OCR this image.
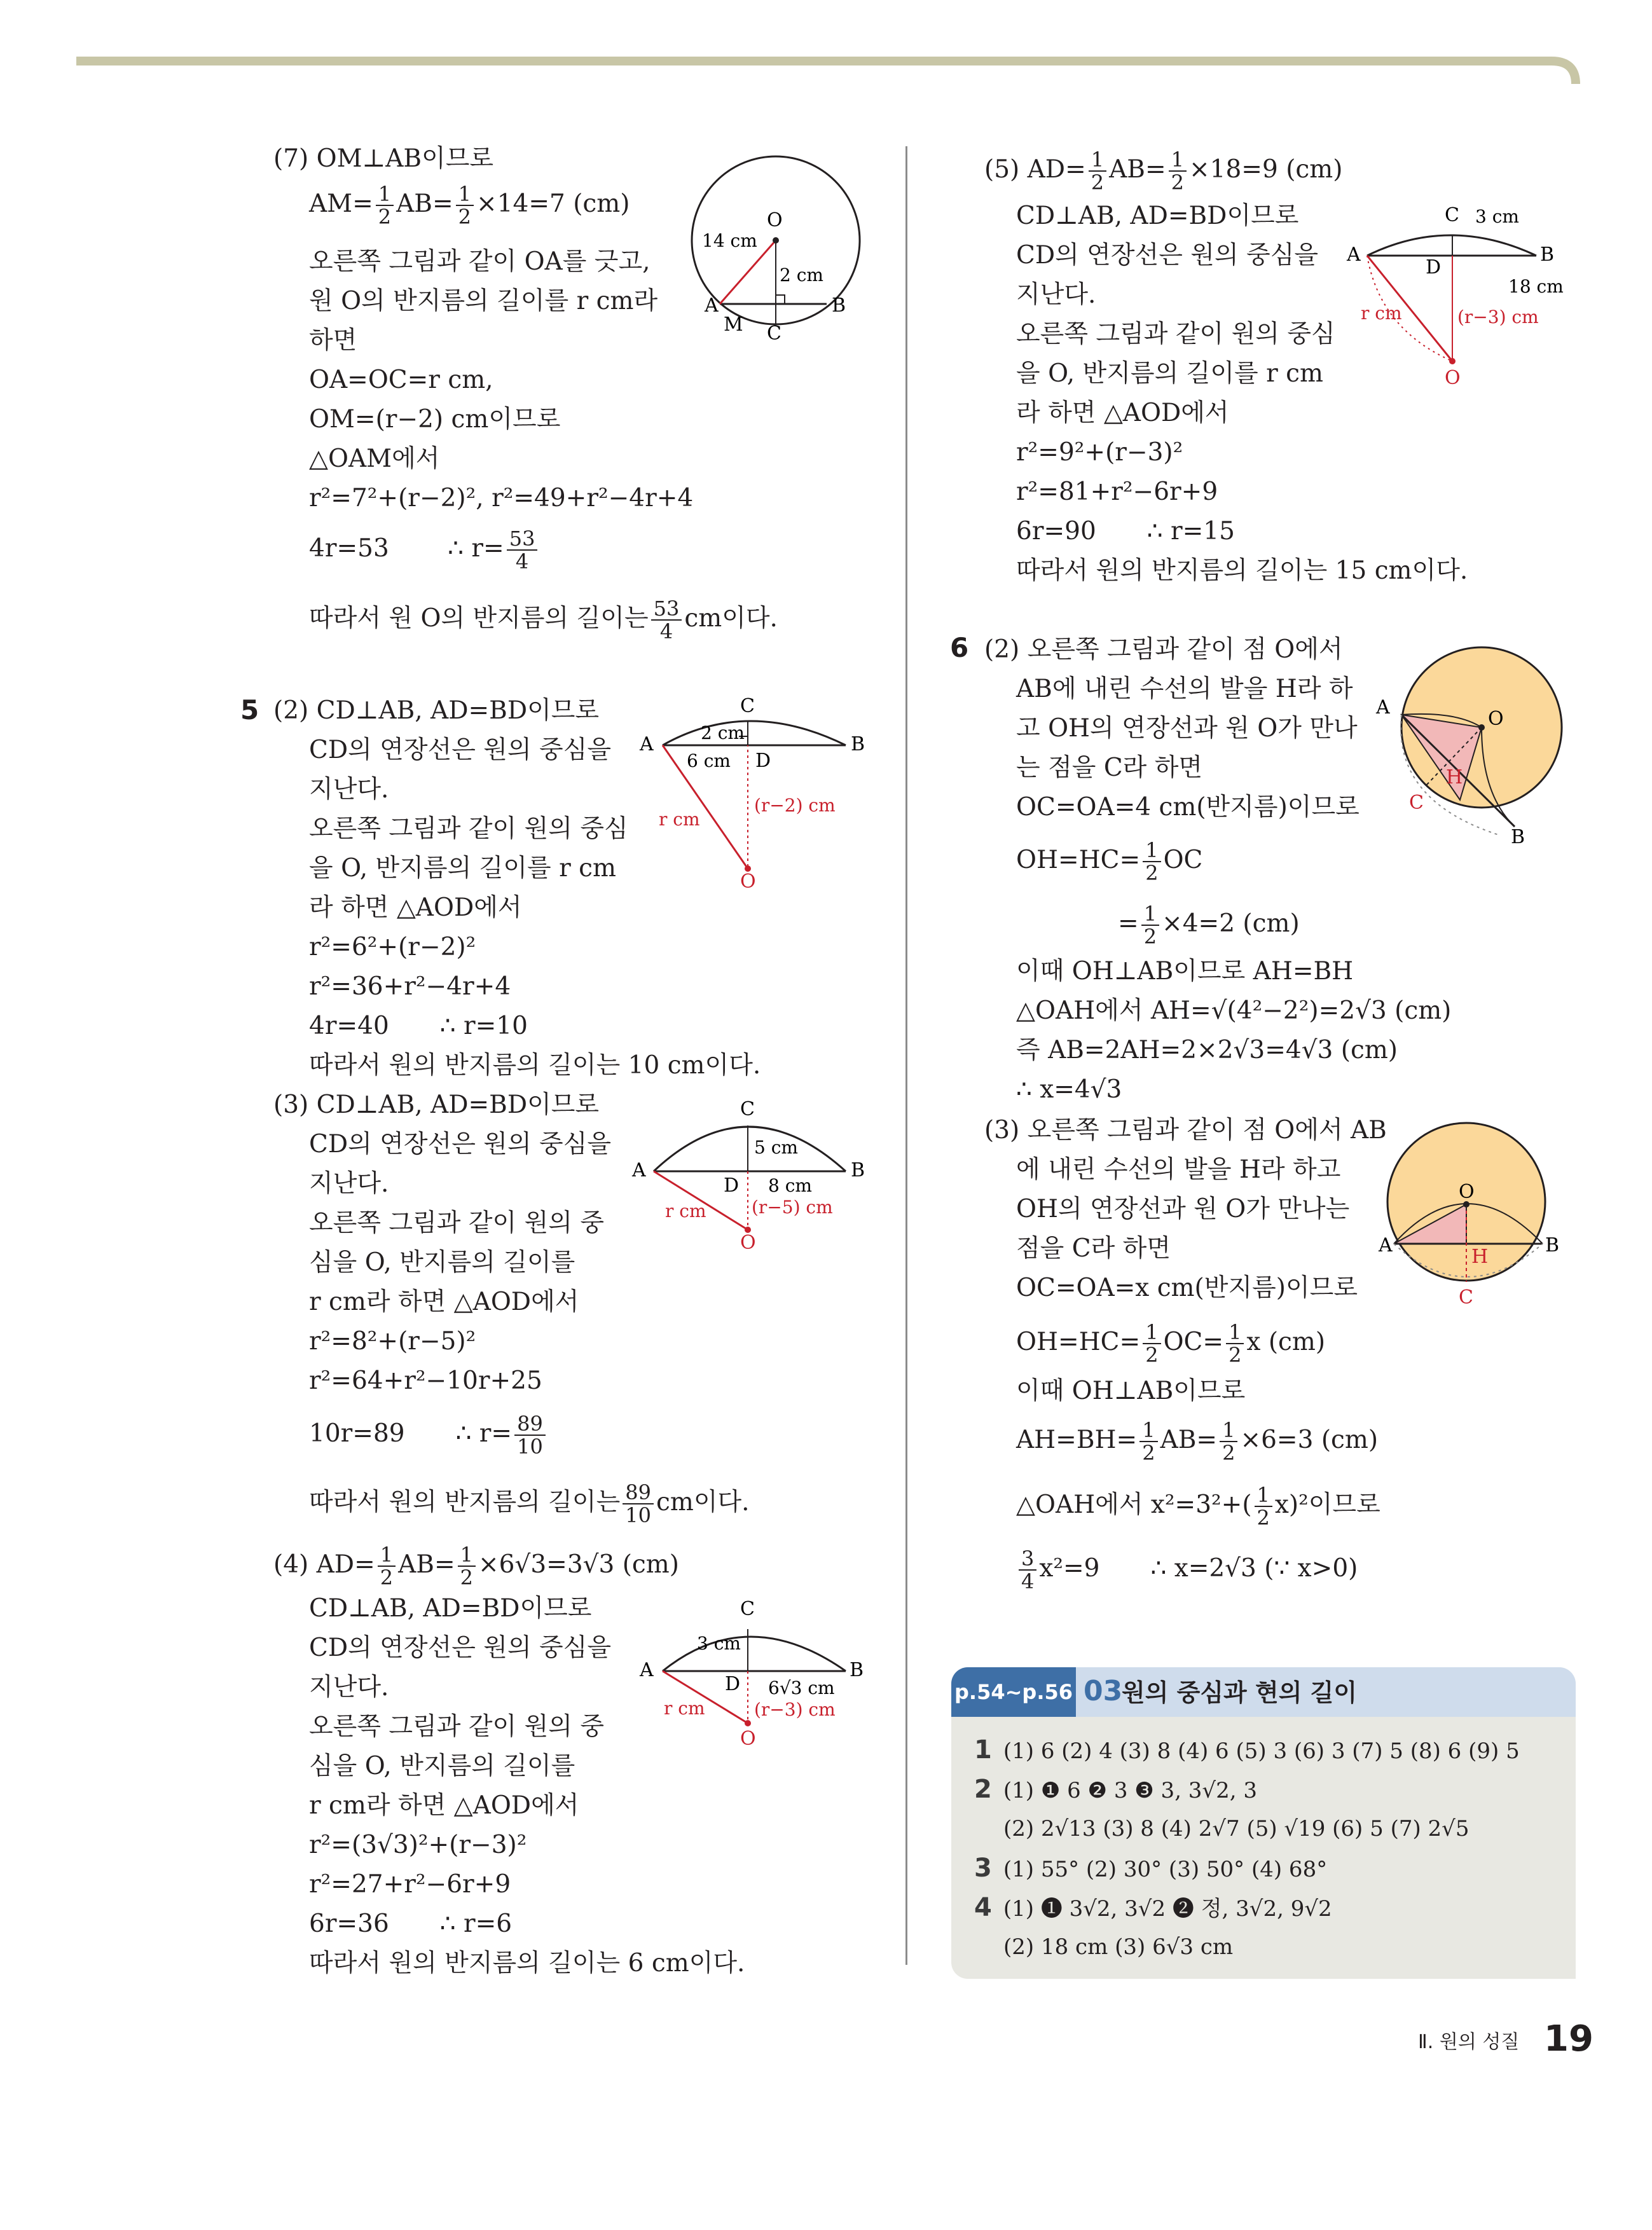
(7) OM⊥AB이므로
$AM= \frac{1}{2} AB= \frac{1}{2} \times 14=7$ (cm)
오른쪽 그림과 같이 OA를 긋고,
원 O의 반지름의 길이를 r cm라
하면
OA=OC=r cm,
OM=(r−2) cm이므로
△OAM에서
r²=7²+(r−2)², r²=49+r²−4r+4
4r=53 ∴ $r= \frac{53}{4}$
따라서 원 O의 반지름의 길이는 $\frac{53}{4}$ cm이다.
5 (2) CD⊥AB, AD=BD이므로
CD의 연장선은 원의 중심을
지난다.
오른쪽 그림과 같이 원의 중심
을 O, 반지름의 길이를 r cm
라 하면 △AOD에서
r²=6²+(r−2)²
r²=36+r²−4r+4
4r=40 ∴ r=10
따라서 원의 반지름의 길이는 10 cm이다.
(3) CD⊥AB, AD=BD이므로
CD의 연장선은 원의 중심을
지난다.
오른쪽 그림과 같이 원의 중
심을 O, 반지름의 길이를
r cm라 하면 △AOD에서
r²=8²+(r−5)²
r²=64+r²−10r+25
10r=89 ∴ $r= \frac{89}{10}$
따라서 원의 반지름의 길이는 $\frac{89}{10}$ cm이다.
(4) $AD= \frac{1}{2} AB= \frac{1}{2} \times 6√3=3√3$ (cm)
CD⊥AB, AD=BD이므로
CD의 연장선은 원의 중심을
지난다.
오른쪽 그림과 같이 원의 중
심을 O, 반지름의 길이를
r cm라 하면 △AOD에서
r²=(3√3)²+(r−3)²
r²=27+r²−6r+9
6r=36 ∴ r=6
따라서 원의 반지름의 길이는 6 cm이다.
O
14 cm
2 cm
A	B
M C
C
2 cm
6 cm D
A	B
r cm
(r−2) cm
O
C
5 cm
D 8 cm
A	B
r cm	(r−5) cm
O
C
3 cm
D 6√3 cm
A	B
r cm	(r−3) cm
O
(5) $AD= \frac{1}{2} AB= \frac{1}{2} \times 18=9$ (cm)
CD⊥AB, AD=BD이므로
CD의 연장선은 원의 중심을
지난다.
오른쪽 그림과 같이 원의 중심
을 O, 반지름의 길이를 r cm
라 하면 △AOD에서
r²=9²+(r−3)²
r²=81+r²−6r+9
6r=90 ∴ r=15
따라서 원의 반지름의 길이는 15 cm이다.
6 (2) 오른쪽 그림과 같이 점 O에서
AB에 내린 수선의 발을 H라 하
고 OH의 연장선과 원 O가 만나
는 점을 C라 하면
OC=OA=4 cm(반지름)이므로
$OH=HC= \frac{1}{2}$ OC
= $\frac{1}{2} \times 4=2$ (cm)
이때 OH⊥AB이므로 AH=BH
△OAH에서 AH=√(4²−2²)=2√3 (cm)
즉 AB=2AH=2×2√3=4√3 (cm)
∴ x=4√3
(3) 오른쪽 그림과 같이 점 O에서 AB
에 내린 수선의 발을 H라 하고
OH의 연장선과 원 O가 만나는
점을 C라 하면
OC=OA=x cm(반지름)이므로
$OH=HC= \frac{1}{2} OC= \frac{1}{2}$ x (cm)
이때 OH⊥AB이므로
$AH=BH= \frac{1}{2} AB= \frac{1}{2} \times 6=3$ (cm)
△OAH에서 $x^2=3^2+( \frac{1}{2} x)^2$이므로
$\frac{3}{4} x^2=9$ ∴ x=2√3 (∵ x>0)
C 3 cm
D
A	B
18 cm
r cm	(r−3) cm
O
A
O
H
C
B
O
A	B
H
C
p.54~p.56 03
원의 중심과 현의 길이
1 (1) 6 (2) 4 (3) 8 (4) 6 (5) 3 (6) 3 (7) 5 (8) 6 (9) 5
2 (1) ❶ 6 ❷ 3 ❸ 3, 3√2, 3
(2) 2√13 (3) 8 (4) 2√7 (5) √19 (6) 5 (7) 2√5
3 (1) 55° (2) 30° (3) 50° (4) 68°
4 (1) ❶ 3√2, 3√2 ❷ 정, 3√2, 9√2
(2) 18 cm (3) 6√3 cm
Ⅱ. 원의 성질 19
